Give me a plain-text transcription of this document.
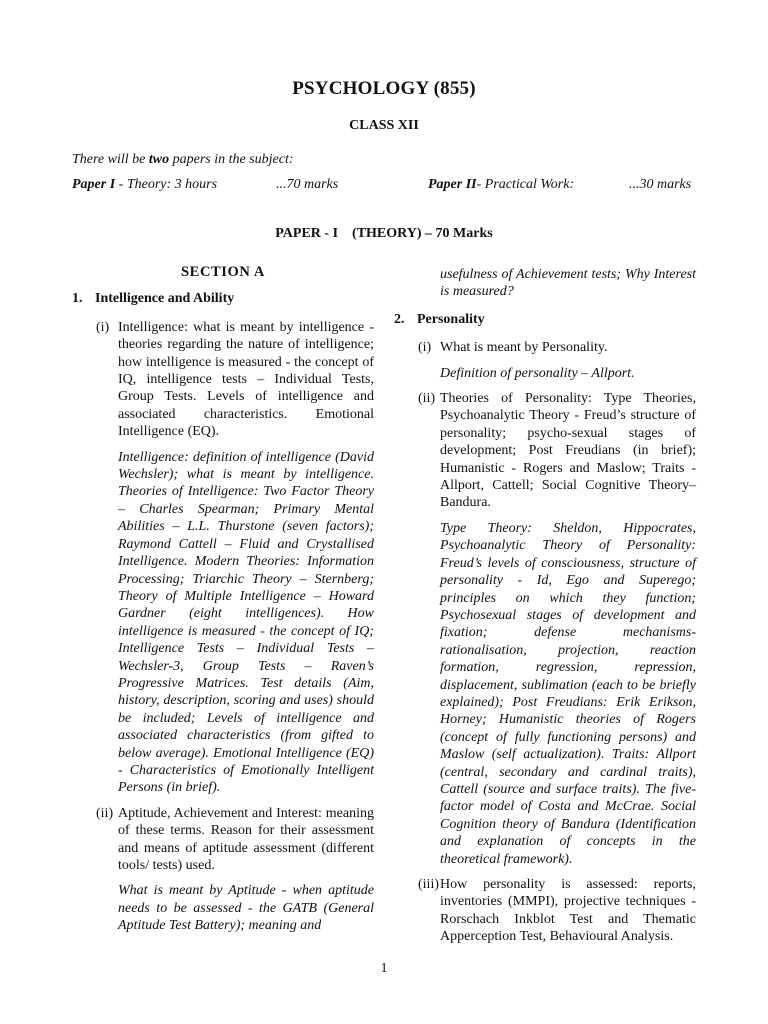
PSYCHOLOGY (855)
CLASS XII
There will be two papers in the subject:
Paper I - Theory: 3 hours	...70 marks	Paper II- Practical Work:	...30 marks
PAPER - I    (THEORY) – 70 Marks
SECTION A
1. Intelligence and Ability
(i) Intelligence: what is meant by intelligence - theories regarding the nature of intelligence; how intelligence is measured - the concept of IQ, intelligence tests – Individual Tests, Group Tests. Levels of intelligence and associated characteristics. Emotional Intelligence (EQ).
Intelligence: definition of intelligence (David Wechsler); what is meant by intelligence. Theories of Intelligence: Two Factor Theory – Charles Spearman; Primary Mental Abilities – L.L. Thurstone (seven factors); Raymond Cattell – Fluid and Crystallised Intelligence. Modern Theories: Information Processing; Triarchic Theory – Sternberg; Theory of Multiple Intelligence – Howard Gardner (eight intelligences). How intelligence is measured - the concept of IQ; Intelligence Tests – Individual Tests – Wechsler-3, Group Tests – Raven’s Progressive Matrices. Test details (Aim, history, description, scoring and uses) should be included; Levels of intelligence and associated characteristics (from gifted to below average). Emotional Intelligence (EQ) - Characteristics of Emotionally Intelligent Persons (in brief).
(ii) Aptitude, Achievement and Interest: meaning of these terms. Reason for their assessment and means of aptitude assessment (different tools/ tests) used.
What is meant by Aptitude - when aptitude needs to be assessed - the GATB (General Aptitude Test Battery); meaning and
usefulness of Achievement tests; Why Interest is measured?
2. Personality
(i) What is meant by Personality.
Definition of personality – Allport.
(ii) Theories of Personality: Type Theories, Psychoanalytic Theory - Freud’s structure of personality; psycho-sexual stages of development; Post Freudians (in brief); Humanistic - Rogers and Maslow; Traits - Allport, Cattell; Social Cognitive Theory– Bandura.
Type Theory: Sheldon, Hippocrates, Psychoanalytic Theory of Personality: Freud’s levels of consciousness, structure of personality - Id, Ego and Superego; principles on which they function; Psychosexual stages of development and fixation; defense mechanisms- rationalisation, projection, reaction formation, regression, repression, displacement, sublimation (each to be briefly explained); Post Freudians: Erik Erikson, Horney; Humanistic theories of Rogers (concept of fully functioning persons) and Maslow (self actualization). Traits: Allport (central, secondary and cardinal traits), Cattell (source and surface traits). The five-factor model of Costa and McCrae. Social Cognition theory of Bandura (Identification and explanation of concepts in the theoretical framework).
(iii) How personality is assessed: reports, inventories (MMPI), projective techniques - Rorschach Inkblot Test and Thematic Apperception Test, Behavioural Analysis.
1
